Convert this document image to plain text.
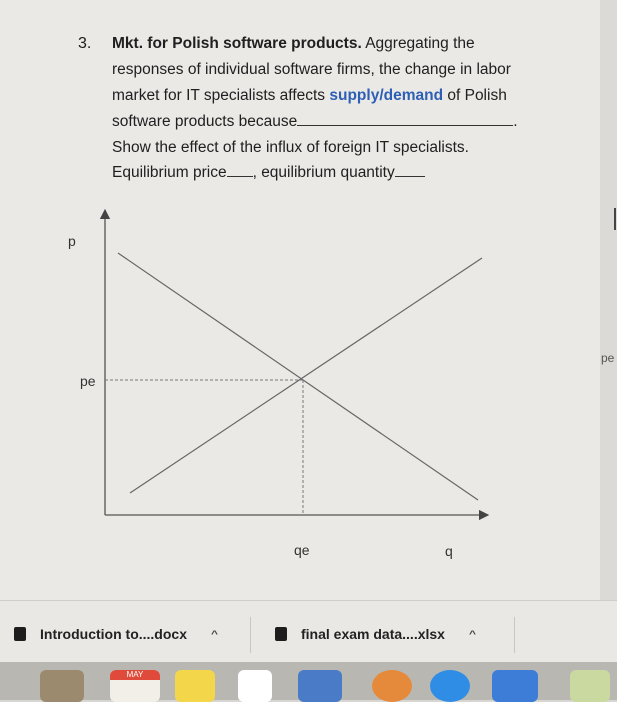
3. Mkt. for Polish software products. Aggregating the
responses of individual software firms, the change in labor
market for IT specialists affects supply/demand of Polish
software products because	.
Show the effect of the influx of foreign IT specialists.
Equilibrium price , equilibrium quantity
p
q
pe
qe
pe
Introduction to....docx ^	final exam data....xlsx ^
MAY
